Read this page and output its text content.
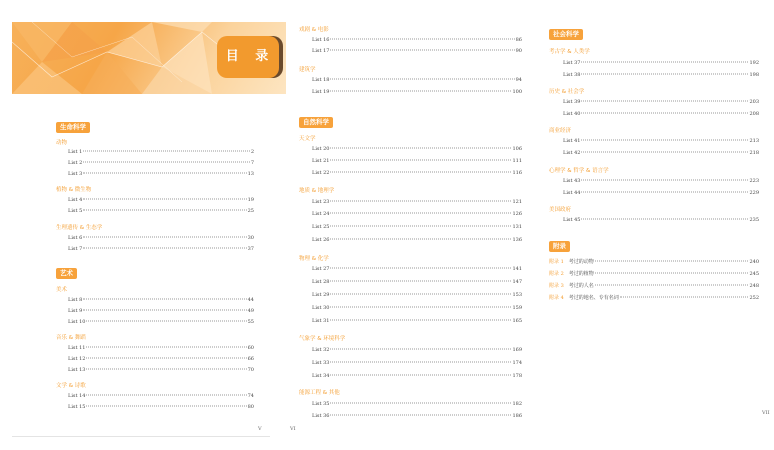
目 录
生命科学
动物
List 1	2
List 2	7
List 3	13
植物 & 微生物
List 4	19
List 5	25
生理遗传 & 生态学
List 6	30
List 7	37
艺术
美术
List 8	44
List 9	49
List 10	55
音乐 & 舞蹈
List 11	60
List 12	66
List 13	70
文学 & 诗歌
List 14	74
List 15	80
V
戏剧 & 电影
List 16	86
List 17	90
建筑学
List 18	94
List 19	100
自然科学
天文学
List 20	106
List 21	111
List 22	116
地质 & 地理学
List 23	121
List 24	126
List 25	131
List 26	136
物理 & 化学
List 27	141
List 28	147
List 29	153
List 30	159
List 31	165
气象学 & 环境科学
List 32	169
List 33	174
List 34	178
能源工程 & 其他
List 35	182
List 36	186
VI
社会科学
考古学 & 人类学
List 37	192
List 38	198
历史 & 社会学
List 39	203
List 40	208
商业经济
List 41	213
List 42	218
心理学 & 哲学 & 语言学
List 43	223
List 44	229
美国政府
List 45	235
附录
附录 1 考过的动物	240
附录 2 考过的植物	245
附录 3 考过的人名	248
附录 4 考过的地名、专有名词	252
VII
